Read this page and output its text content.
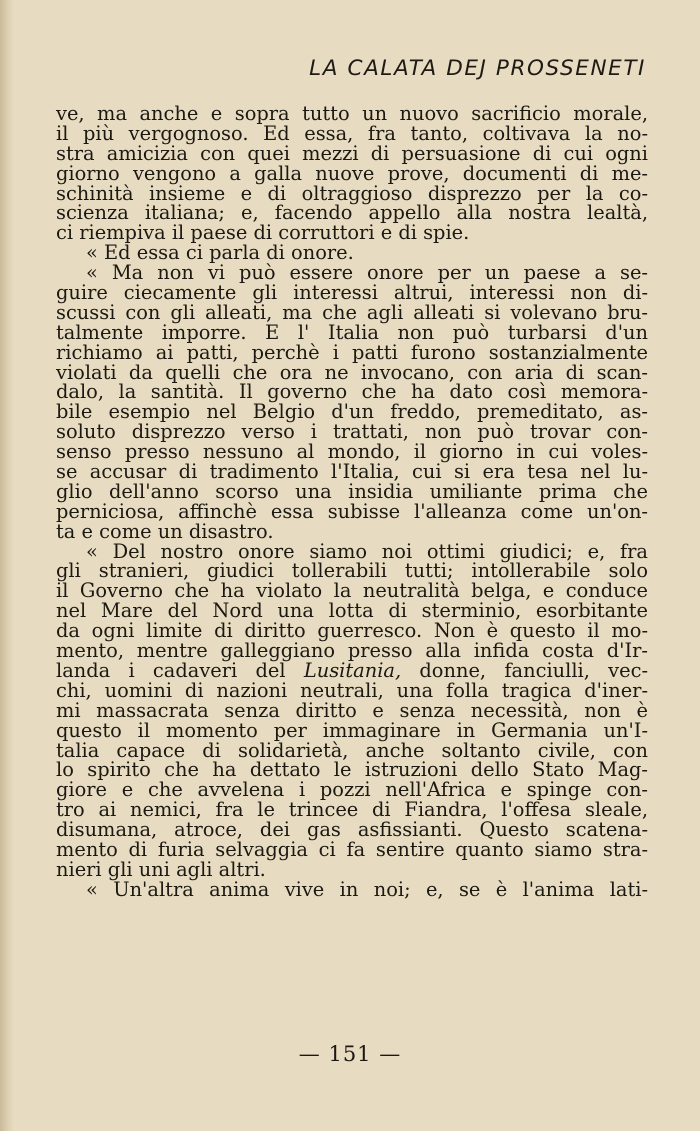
LA CALATA DEJ PROSSENETI
ve, ma anche e sopra tutto un nuovo sacrificio morale,
il più vergognoso. Ed essa, fra tanto, coltivava la no-
stra amicizia con quei mezzi di persuasione di cui ogni
giorno vengono a galla nuove prove, documenti di me-
schinità insieme e di oltraggioso disprezzo per la co-
scienza italiana; e, facendo appello alla nostra lealtà,
ci riempiva il paese di corruttori e di spie.
« Ed essa ci parla di onore.
« Ma non vi può essere onore per un paese a se-
guire ciecamente gli interessi altrui, interessi non di-
scussi con gli alleati, ma che agli alleati si volevano bru-
talmente imporre. E l' Italia non può turbarsi d'un
richiamo ai patti, perchè i patti furono sostanzialmente
violati da quelli che ora ne invocano, con aria di scan-
dalo, la santità. Il governo che ha dato così memora-
bile esempio nel Belgio d'un freddo, premeditato, as-
soluto disprezzo verso i trattati, non può trovar con-
senso presso nessuno al mondo, il giorno in cui voles-
se accusar di tradimento l'Italia, cui si era tesa nel lu-
glio dell'anno scorso una insidia umiliante prima che
perniciosa, affinchè essa subisse l'alleanza come un'on-
ta e come un disastro.
« Del nostro onore siamo noi ottimi giudici; e, fra
gli stranieri, giudici tollerabili tutti; intollerabile solo
il Governo che ha violato la neutralità belga, e conduce
nel Mare del Nord una lotta di sterminio, esorbitante
da ogni limite di diritto guerresco. Non è questo il mo-
mento, mentre galleggiano presso alla infida costa d'Ir-
landa i cadaveri del Lusitania, donne, fanciulli, vec-
chi, uomini di nazioni neutrali, una folla tragica d'iner-
mi massacrata senza diritto e senza necessità, non è
questo il momento per immaginare in Germania un'I-
talia capace di solidarietà, anche soltanto civile, con
lo spirito che ha dettato le istruzioni dello Stato Mag-
giore e che avvelena i pozzi nell'Africa e spinge con-
tro ai nemici, fra le trincee di Fiandra, l'offesa sleale,
disumana, atroce, dei gas asfissianti. Questo scatena-
mento di furia selvaggia ci fa sentire quanto siamo stra-
nieri gli uni agli altri.
« Un'altra anima vive in noi; e, se è l'anima lati-
— 151 —
